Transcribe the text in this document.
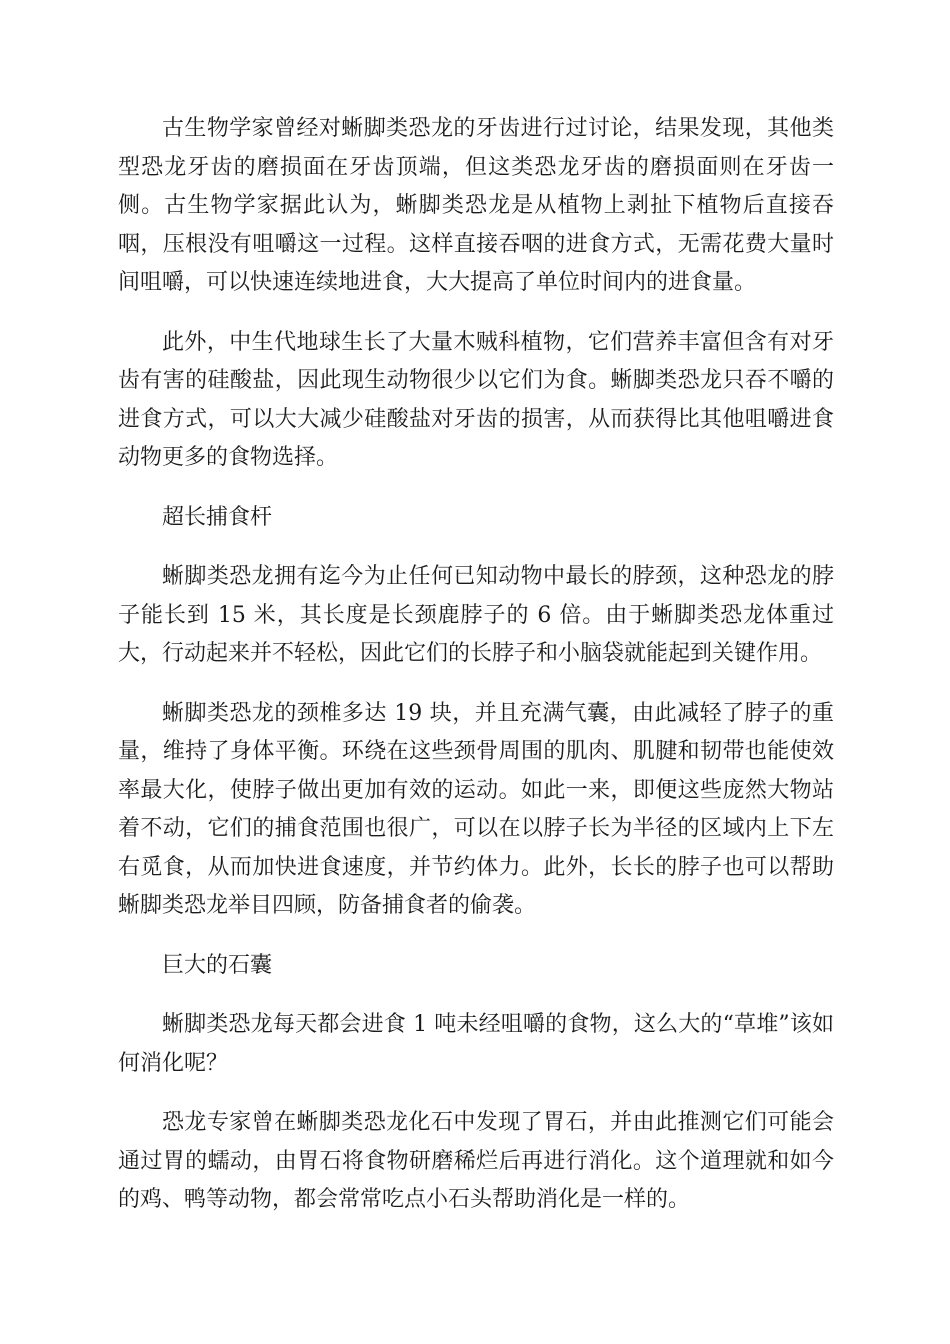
古生物学家曾经对蜥脚类恐龙的牙齿进行过讨论，结果发现，其他类型恐龙牙齿的磨损面在牙齿顶端，但这类恐龙牙齿的磨损面则在牙齿一侧。古生物学家据此认为，蜥脚类恐龙是从植物上剥扯下植物后直接吞咽，压根没有咀嚼这一过程。这样直接吞咽的进食方式，无需花费大量时间咀嚼，可以快速连续地进食，大大提高了单位时间内的进食量。

此外，中生代地球生长了大量木贼科植物，它们营养丰富但含有对牙齿有害的硅酸盐，因此现生动物很少以它们为食。蜥脚类恐龙只吞不嚼的进食方式，可以大大减少硅酸盐对牙齿的损害，从而获得比其他咀嚼进食动物更多的食物选择。

超长捕食杆

蜥脚类恐龙拥有迄今为止任何已知动物中最长的脖颈，这种恐龙的脖子能长到 15 米，其长度是长颈鹿脖子的 6 倍。由于蜥脚类恐龙体重过大，行动起来并不轻松，因此它们的长脖子和小脑袋就能起到关键作用。

蜥脚类恐龙的颈椎多达 19 块，并且充满气囊，由此减轻了脖子的重量，维持了身体平衡。环绕在这些颈骨周围的肌肉、肌腱和韧带也能使效率最大化，使脖子做出更加有效的运动。如此一来，即便这些庞然大物站着不动，它们的捕食范围也很广，可以在以脖子长为半径的区域内上下左右觅食，从而加快进食速度，并节约体力。此外，长长的脖子也可以帮助蜥脚类恐龙举目四顾，防备捕食者的偷袭。

巨大的石囊

蜥脚类恐龙每天都会进食 1 吨未经咀嚼的食物，这么大的“草堆”该如何消化呢？

恐龙专家曾在蜥脚类恐龙化石中发现了胃石，并由此推测它们可能会通过胃的蠕动，由胃石将食物研磨稀烂后再进行消化。这个道理就和如今的鸡、鸭等动物，都会常常吃点小石头帮助消化是一样的。
